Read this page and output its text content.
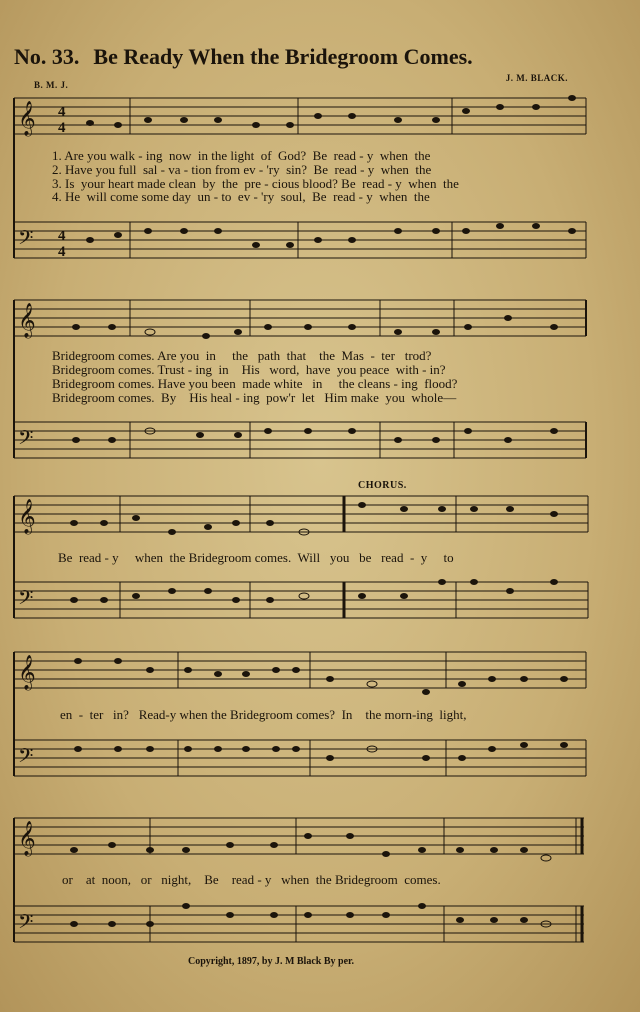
No. 33. Be Ready When the Bridegroom Comes.
B. M. J.
J. M. BLACK.
𝄞 4
4
𝄢 4
4
1. Are you walk - ing  now  in the light  of  God?  Be  read - y  when  the
2. Have you full  sal - va - tion from ev - 'ry  sin?  Be  read - y  when  the
3. Is  your heart made clean  by  the  pre - cious blood? Be  read - y  when  the
4. He  will come some day  un - to  ev - 'ry  soul,  Be  read - y  when  the
𝄞
𝄢
Bridegroom comes. Are you  in     the   path  that    the  Mas  -  ter   trod?
Bridegroom comes. Trust - ing  in    His   word,  have  you peace  with - in?
Bridegroom comes. Have you been  made white   in     the cleans - ing  flood?
Bridegroom comes.  By    His heal - ing  pow'r  let   Him make  you  whole—
CHORUS.
𝄞
𝄢
Be  read - y     when  the Bridegroom comes.  Will   you   be   read  -  y     to
𝄞
𝄢
en  -  ter   in?   Read-y when the Bridegroom comes?  In    the morn-ing  light,
𝄞
𝄢
or    at  noon,   or   night,    Be    read - y   when  the Bridegroom  comes.
Copyright, 1897, by J. M Black By per.
